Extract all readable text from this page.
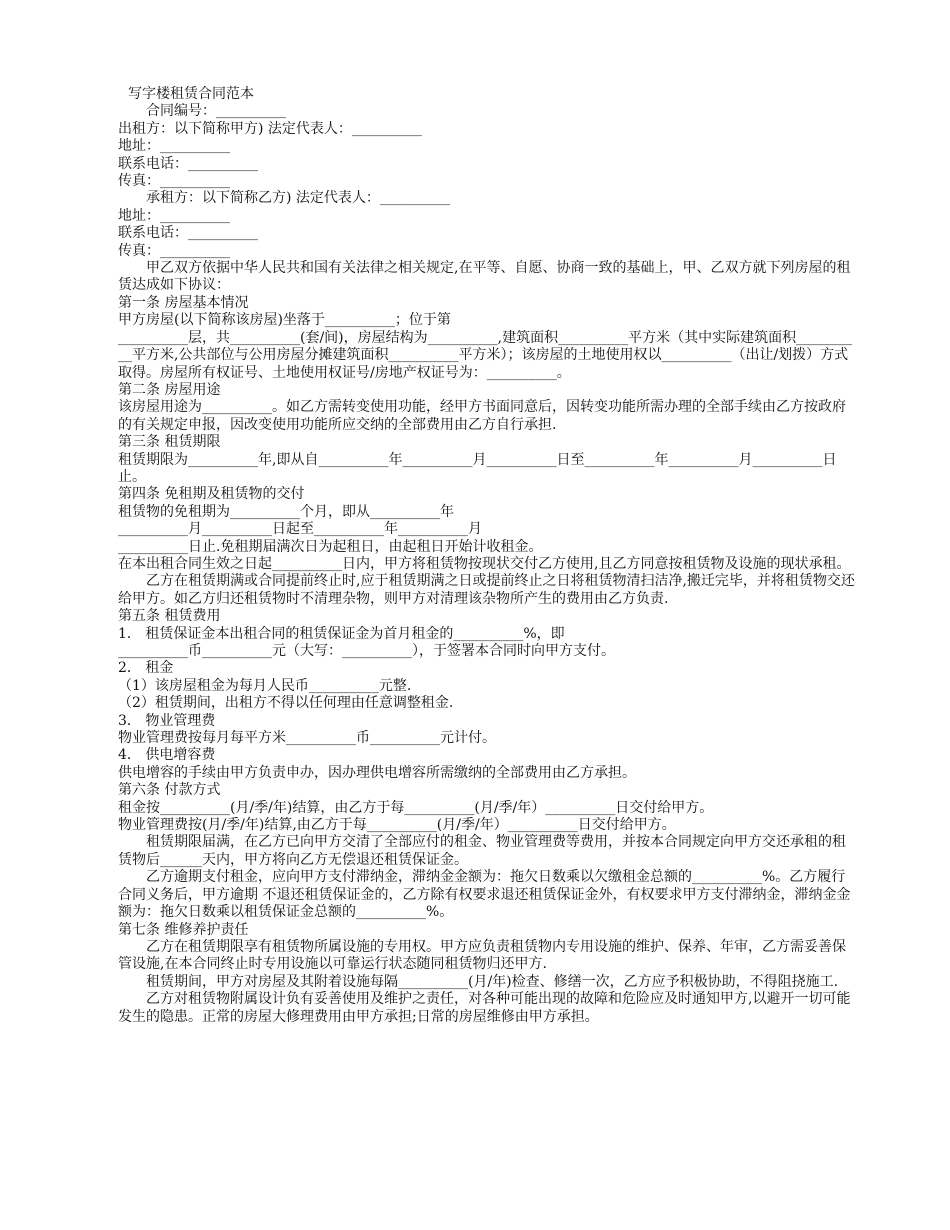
写字楼租赁合同范本

合同编号：__________

出租方：以下简称甲方) 法定代表人：__________

地址：__________

联系电话：__________

传真：__________

承租方：以下简称乙方) 法定代表人：__________

地址：__________

联系电话：__________

传真：__________

甲乙双方依据中华人民共和国有关法律之相关规定,在平等、自愿、协商一致的基础上，甲、乙双方就下列房屋的租赁达成如下协议：

第一条 房屋基本情况

甲方房屋(以下简称该房屋)坐落于__________；位于第

__________层，共__________(套/间)，房屋结构为__________,建筑面积__________平方米（其中实际建筑面积__________平方米,公共部位与公用房屋分摊建筑面积__________平方米）；该房屋的土地使用权以__________（出让/划拨）方式取得。房屋所有权证号、土地使用权证号/房地产权证号为：__________。

第二条 房屋用途

该房屋用途为__________。如乙方需转变使用功能，经甲方书面同意后，因转变功能所需办理的全部手续由乙方按政府的有关规定申报，因改变使用功能所应交纳的全部费用由乙方自行承担.

第三条 租赁期限

租赁期限为__________年,即从自__________年__________月__________日至__________年__________月__________日止。

第四条 免租期及租赁物的交付

租赁物的免租期为__________个月，即从__________年

__________月__________日起至__________年__________月

__________日止.免租期届满次日为起租日，由起租日开始计收租金。

在本出租合同生效之日起__________日内，甲方将租赁物按现状交付乙方使用,且乙方同意按租赁物及设施的现状承租。

乙方在租赁期满或合同提前终止时,应于租赁期满之日或提前终止之日将租赁物清扫洁净,搬迁完毕，并将租赁物交还给甲方。如乙方归还租赁物时不清理杂物，则甲方对清理该杂物所产生的费用由乙方负责.

第五条 租赁费用

1． 租赁保证金本出租合同的租赁保证金为首月租金的__________%，即

__________币__________元（大写：__________），于签署本合同时向甲方支付。

2． 租金

（1）该房屋租金为每月人民币__________元整.

（2）租赁期间，出租方不得以任何理由任意调整租金.

3． 物业管理费

物业管理费按每月每平方米__________币__________元计付。

4． 供电增容费

供电增容的手续由甲方负责申办，因办理供电增容所需缴纳的全部费用由乙方承担。

第六条 付款方式

租金按__________(月/季/年)结算，由乙方于每__________(月/季/年）__________日交付给甲方。

物业管理费按(月/季/年)结算,由乙方于每__________(月/季/年）__________日交付给甲方。

租赁期限届满，在乙方已向甲方交清了全部应付的租金、物业管理费等费用，并按本合同规定向甲方交还承租的租赁物后______天内，甲方将向乙方无偿退还租赁保证金。

乙方逾期支付租金，应向甲方支付滞纳金，滞纳金金额为：拖欠日数乘以欠缴租金总额的__________%。乙方履行合同义务后，甲方逾期 不退还租赁保证金的，乙方除有权要求退还租赁保证金外，有权要求甲方支付滞纳金，滞纳金金额为：拖欠日数乘以租赁保证金总额的__________%。

第七条 维修养护责任

乙方在租赁期限享有租赁物所属设施的专用权。甲方应负责租赁物内专用设施的维护、保养、年审，乙方需妥善保管设施,在本合同终止时专用设施以可靠运行状态随同租赁物归还甲方.

租赁期间，甲方对房屋及其附着设施每隔__________(月/年)检查、修缮一次，乙方应予积极协助，不得阻挠施工.

乙方对租赁物附属设计负有妥善使用及维护之责任，对各种可能出现的故障和危险应及时通知甲方,以避开一切可能发生的隐患。正常的房屋大修理费用由甲方承担;日常的房屋维修由甲方承担。
